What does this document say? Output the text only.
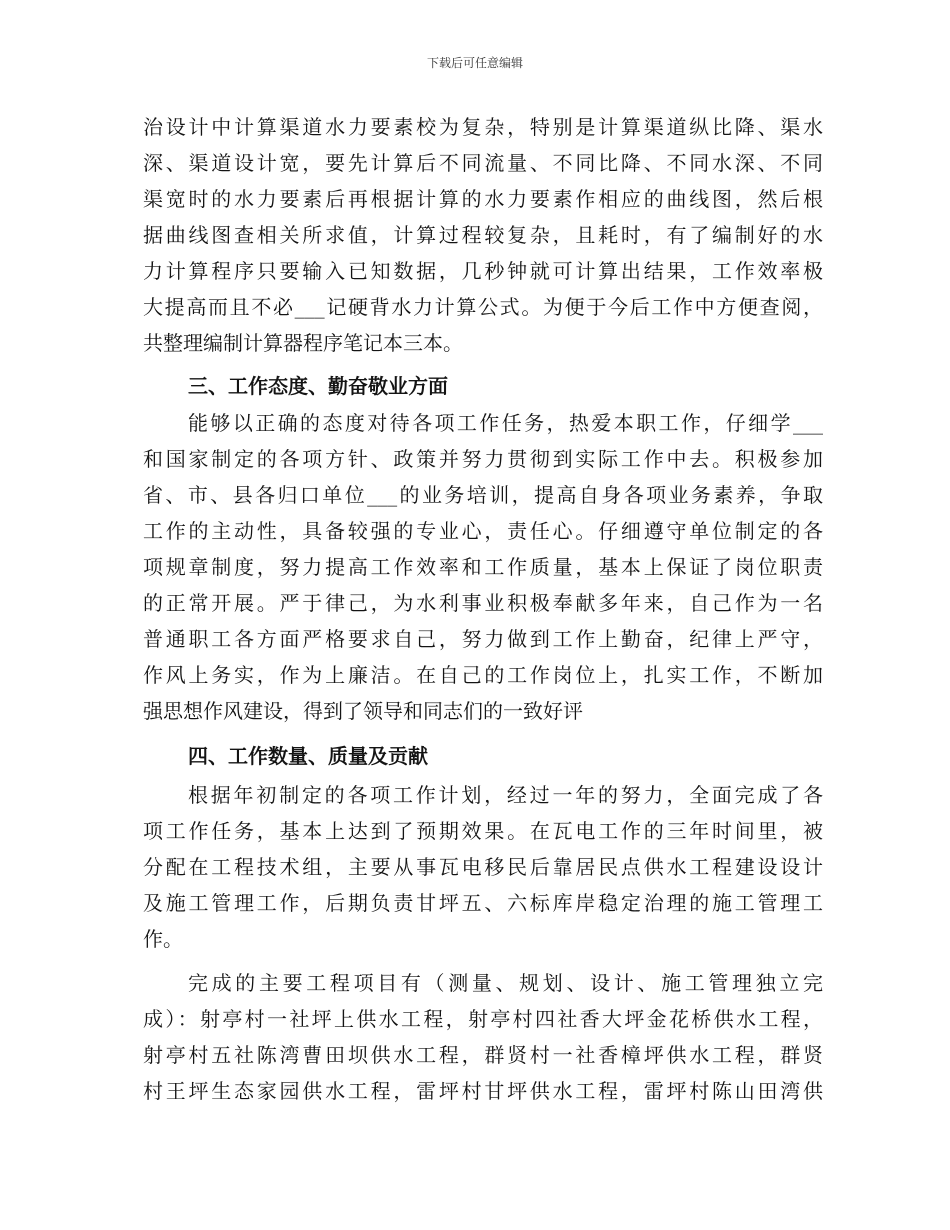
下载后可任意编辑
治设计中计算渠道水力要素校为复杂，特别是计算渠道纵比降、渠水
深、渠道设计宽，要先计算后不同流量、不同比降、不同水深、不同
渠宽时的水力要素后再根据计算的水力要素作相应的曲线图，然后根
据曲线图查相关所求值，计算过程较复杂，且耗时，有了编制好的水
力计算程序只要输入已知数据，几秒钟就可计算出结果，工作效率极
大提高而且不必___记硬背水力计算公式。为便于今后工作中方便查阅，
共整理编制计算器程序笔记本三本。
三、工作态度、勤奋敬业方面
能够以正确的态度对待各项工作任务，热爱本职工作，仔细学___
和国家制定的各项方针、政策并努力贯彻到实际工作中去。积极参加
省、市、县各归口单位___的业务培训，提高自身各项业务素养，争取
工作的主动性，具备较强的专业心，责任心。仔细遵守单位制定的各
项规章制度，努力提高工作效率和工作质量，基本上保证了岗位职责
的正常开展。严于律己，为水利事业积极奉献多年来，自己作为一名
普通职工各方面严格要求自己，努力做到工作上勤奋，纪律上严守，
作风上务实，作为上廉洁。在自己的工作岗位上，扎实工作，不断加
强思想作风建设，得到了领导和同志们的一致好评
四、工作数量、质量及贡献
根据年初制定的各项工作计划，经过一年的努力，全面完成了各
项工作任务，基本上达到了预期效果。在瓦电工作的三年时间里，被
分配在工程技术组，主要从事瓦电移民后靠居民点供水工程建设设计
及施工管理工作，后期负责甘坪五、六标库岸稳定治理的施工管理工
作。
完成的主要工程项目有（测量、规划、设计、施工管理独立完
成）：射亭村一社坪上供水工程，射亭村四社香大坪金花桥供水工程，
射亭村五社陈湾曹田坝供水工程，群贤村一社香樟坪供水工程，群贤
村王坪生态家园供水工程，雷坪村甘坪供水工程，雷坪村陈山田湾供
